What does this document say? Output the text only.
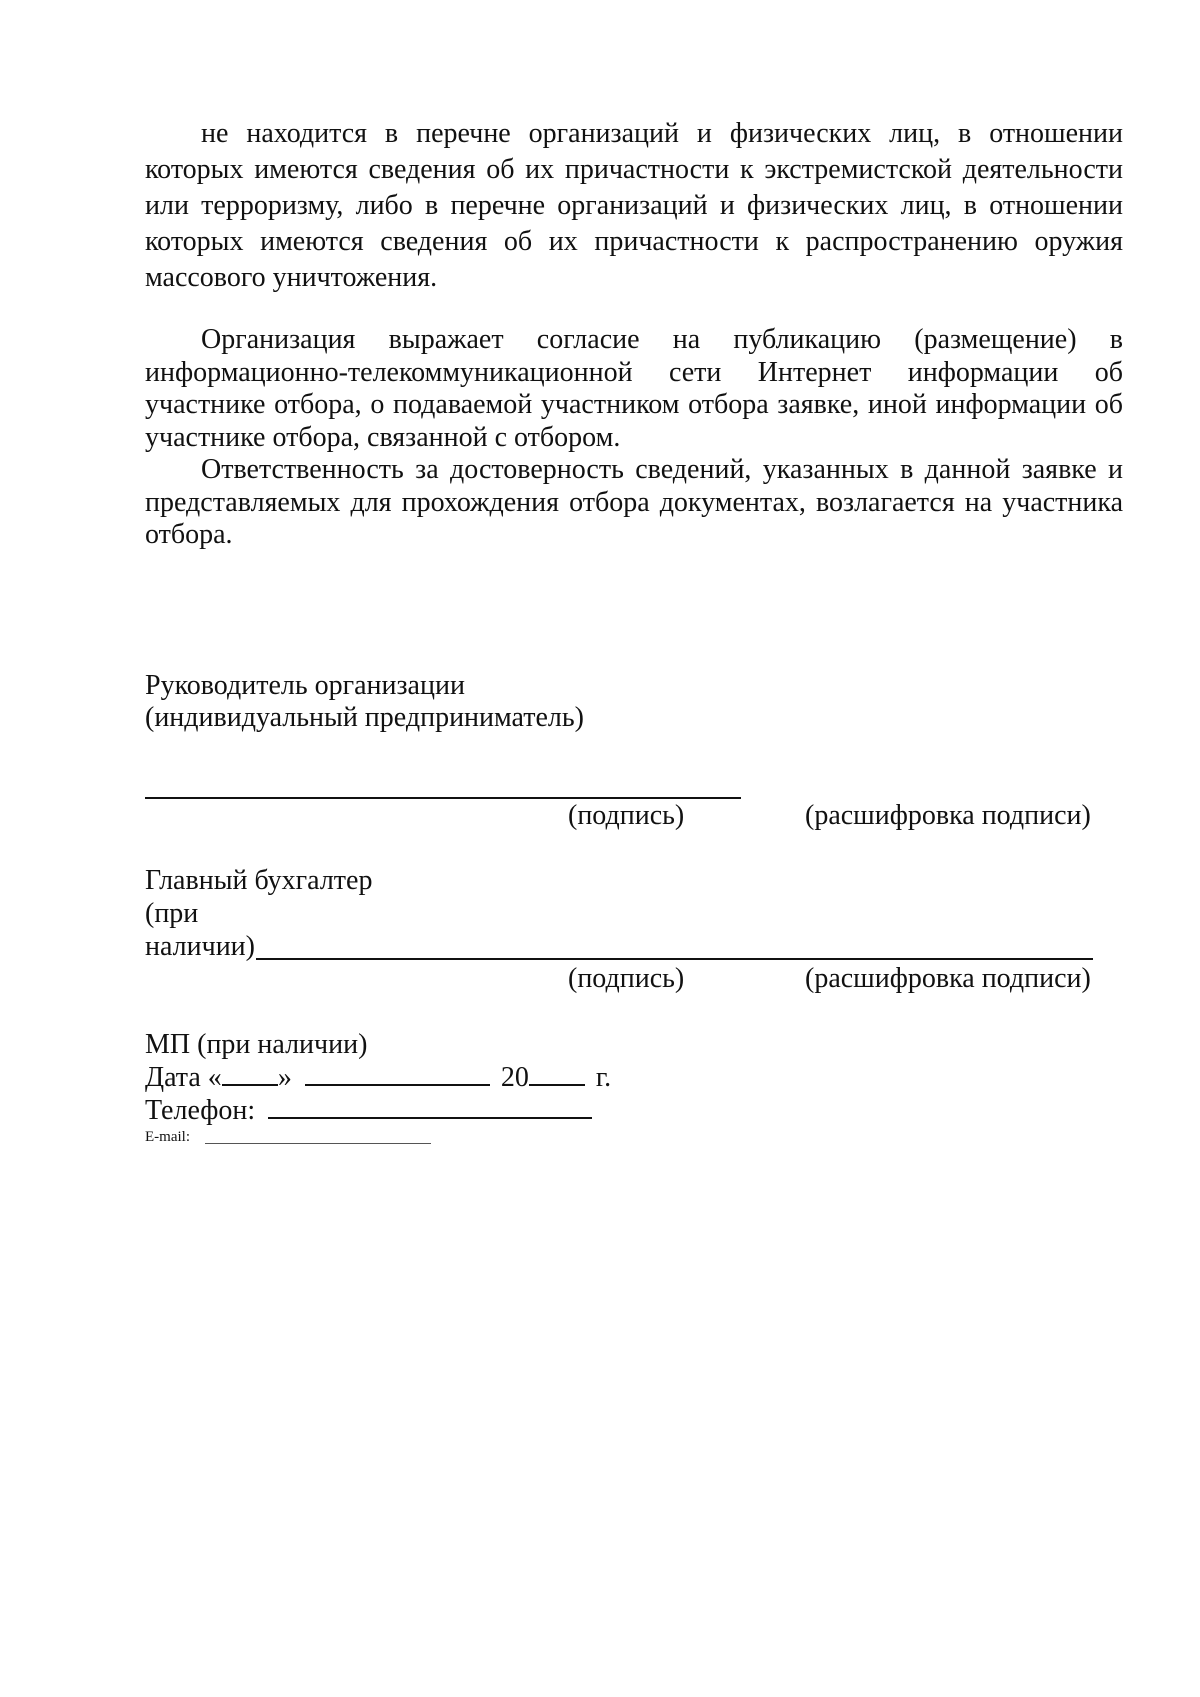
не находится в перечне организаций и физических лиц, в отношении которых имеются сведения об их причастности к экстремистской деятельности или терроризму, либо в перечне организаций и физических лиц, в отношении которых имеются сведения об их причастности к распространению оружия массового уничтожения.
Организация выражает согласие на публикацию (размещение) в информационно-телекоммуникационной сети Интернет информации об участнике отбора, о подаваемой участником отбора заявке, иной информации об участнике отбора, связанной с отбором.
Ответственность за достоверность сведений, указанных в данной заявке и представляемых для прохождения отбора документах, возлагается на участника отбора.
Руководитель организации
(индивидуальный предприниматель)
(подпись)	(расшифровка подписи)
Главный бухгалтер
(при
наличии)
(подпись)	(расшифровка подписи)
МП (при наличии)
Дата « »	20 г.
Телефон:
E-mail:
